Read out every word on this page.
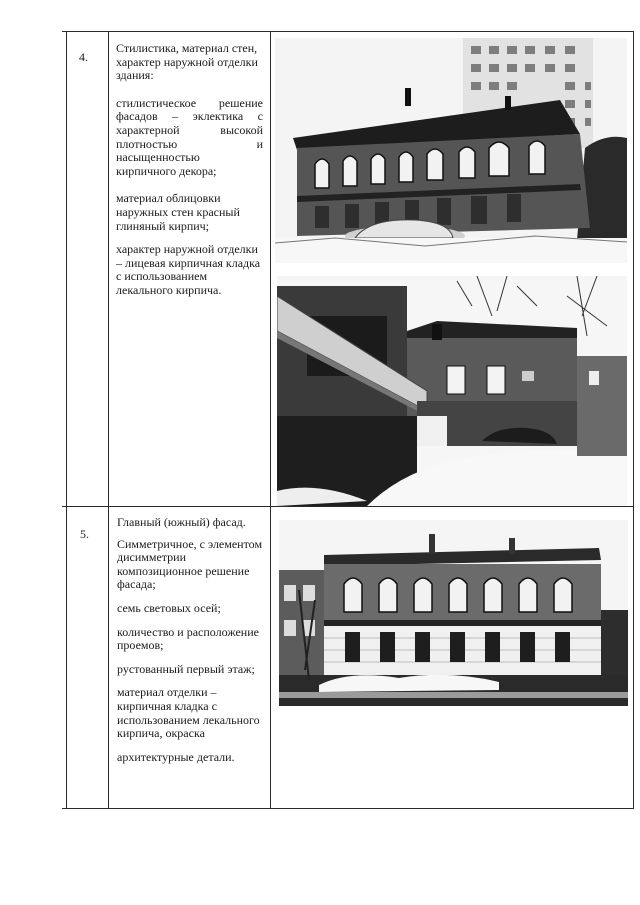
4.

Стилистика, материал стен, характер наружной отделки здания:

стилистическое решение фасадов – эклектика с характерной высокой плотностью и насыщенностью кирпичного декора;

материал облицовки наружных стен красный глиняный кирпич;

характер наружной отделки – лицевая кирпичная кладка с использованием лекального кирпича.

5.

Главный (южный) фасад.

Симметричное, с элементом дисимметрии композиционное решение фасада;

семь световых осей;

количество и расположение проемов;

рустованный первый этаж;

материал отделки – кирпичная кладка с использованием лекального кирпича, окраска

архитектурные детали.
